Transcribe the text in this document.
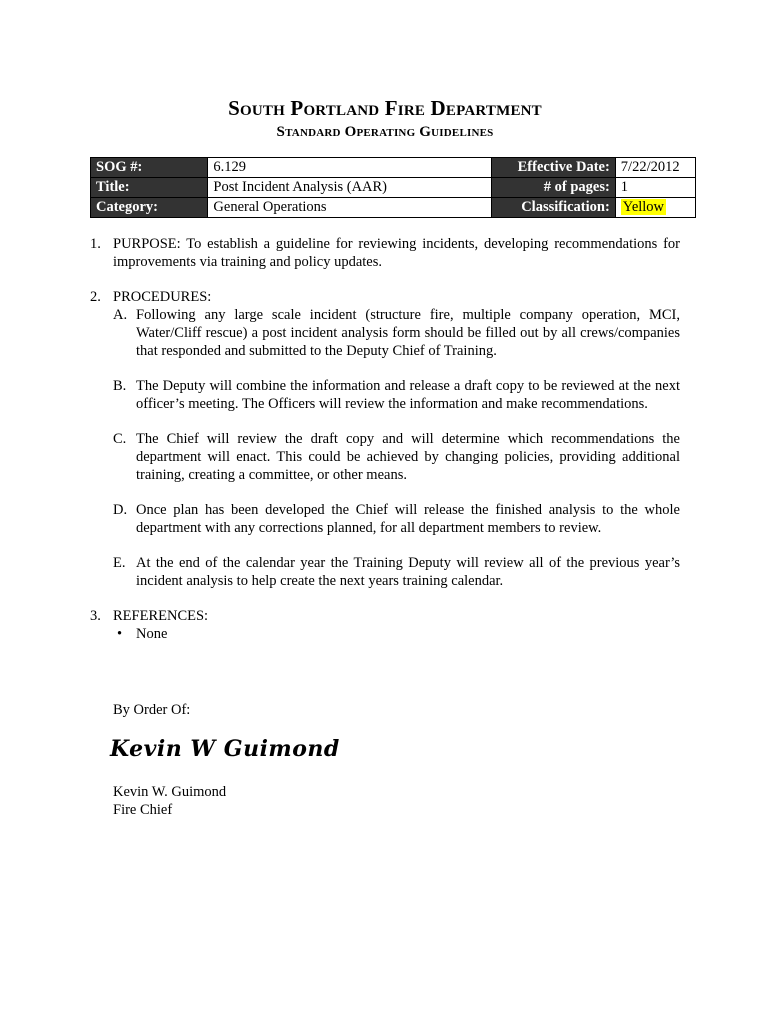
South Portland Fire Department
Standard Operating Guidelines
SOG #:	6.129	Effective Date:	7/22/2012
Title:	Post Incident Analysis (AAR)	# of pages:	1
Category:	General Operations	Classification:	Yellow
1. PURPOSE: To establish a guideline for reviewing incidents, developing recommendations for improvements via training and policy updates.
2. PROCEDURES:
A. Following any large scale incident (structure fire, multiple company operation, MCI, Water/Cliff rescue) a post incident analysis form should be filled out by all crews/companies that responded and submitted to the Deputy Chief of Training.
B. The Deputy will combine the information and release a draft copy to be reviewed at the next officer’s meeting. The Officers will review the information and make recommendations.
C. The Chief will review the draft copy and will determine which recommendations the department will enact. This could be achieved by changing policies, providing additional training, creating a committee, or other means.
D. Once plan has been developed the Chief will release the finished analysis to the whole department with any corrections planned, for all department members to review.
E. At the end of the calendar year the Training Deputy will review all of the previous year’s incident analysis to help create the next years training calendar.
3. REFERENCES:
• None
By Order Of:
Kevin W Guimond
Kevin W. Guimond
Fire Chief
